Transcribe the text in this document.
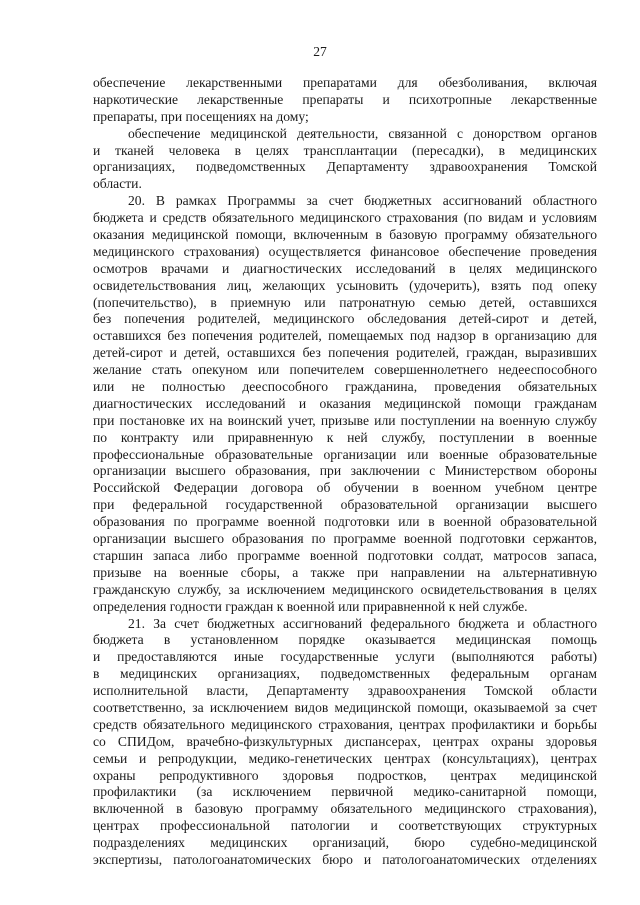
27
обеспечение лекарственными препаратами для обезболивания, включая
наркотические лекарственные препараты и психотропные лекарственные
препараты, при посещениях на дому;
обеспечение медицинской деятельности, связанной с донорством органов
и тканей человека в целях трансплантации (пересадки), в медицинских
организациях, подведомственных Департаменту здравоохранения Томской
области.
20. В рамках Программы за счет бюджетных ассигнований областного
бюджета и средств обязательного медицинского страхования (по видам и условиям
оказания медицинской помощи, включенным в базовую программу обязательного
медицинского страхования) осуществляется финансовое обеспечение проведения
осмотров врачами и диагностических исследований в целях медицинского
освидетельствования лиц, желающих усыновить (удочерить), взять под опеку
(попечительство), в приемную или патронатную семью детей, оставшихся
без попечения родителей, медицинского обследования детей-сирот и детей,
оставшихся без попечения родителей, помещаемых под надзор в организацию для
детей-сирот и детей, оставшихся без попечения родителей, граждан, выразивших
желание стать опекуном или попечителем совершеннолетнего недееспособного
или не полностью дееспособного гражданина, проведения обязательных
диагностических исследований и оказания медицинской помощи гражданам
при постановке их на воинский учет, призыве или поступлении на военную службу
по контракту или приравненную к ней службу, поступлении в военные
профессиональные образовательные организации или военные образовательные
организации высшего образования, при заключении с Министерством обороны
Российской Федерации договора об обучении в военном учебном центре
при федеральной государственной образовательной организации высшего
образования по программе военной подготовки или в военной образовательной
организации высшего образования по программе военной подготовки сержантов,
старшин запаса либо программе военной подготовки солдат, матросов запаса,
призыве на военные сборы, а также при направлении на альтернативную
гражданскую службу, за исключением медицинского освидетельствования в целях
определения годности граждан к военной или приравненной к ней службе.
21. За счет бюджетных ассигнований федерального бюджета и областного
бюджета в установленном порядке оказывается медицинская помощь
и предоставляются иные государственные услуги (выполняются работы)
в медицинских организациях, подведомственных федеральным органам
исполнительной власти, Департаменту здравоохранения Томской области
соответственно, за исключением видов медицинской помощи, оказываемой за счет
средств обязательного медицинского страхования, центрах профилактики и борьбы
со СПИДом, врачебно-физкультурных диспансерах, центрах охраны здоровья
семьи и репродукции, медико-генетических центрах (консультациях), центрах
охраны репродуктивного здоровья подростков, центрах медицинской
профилактики (за исключением первичной медико-санитарной помощи,
включенной в базовую программу обязательного медицинского страхования),
центрах профессиональной патологии и соответствующих структурных
подразделениях медицинских организаций, бюро судебно-медицинской
экспертизы, патологоанатомических бюро и патологоанатомических отделениях
